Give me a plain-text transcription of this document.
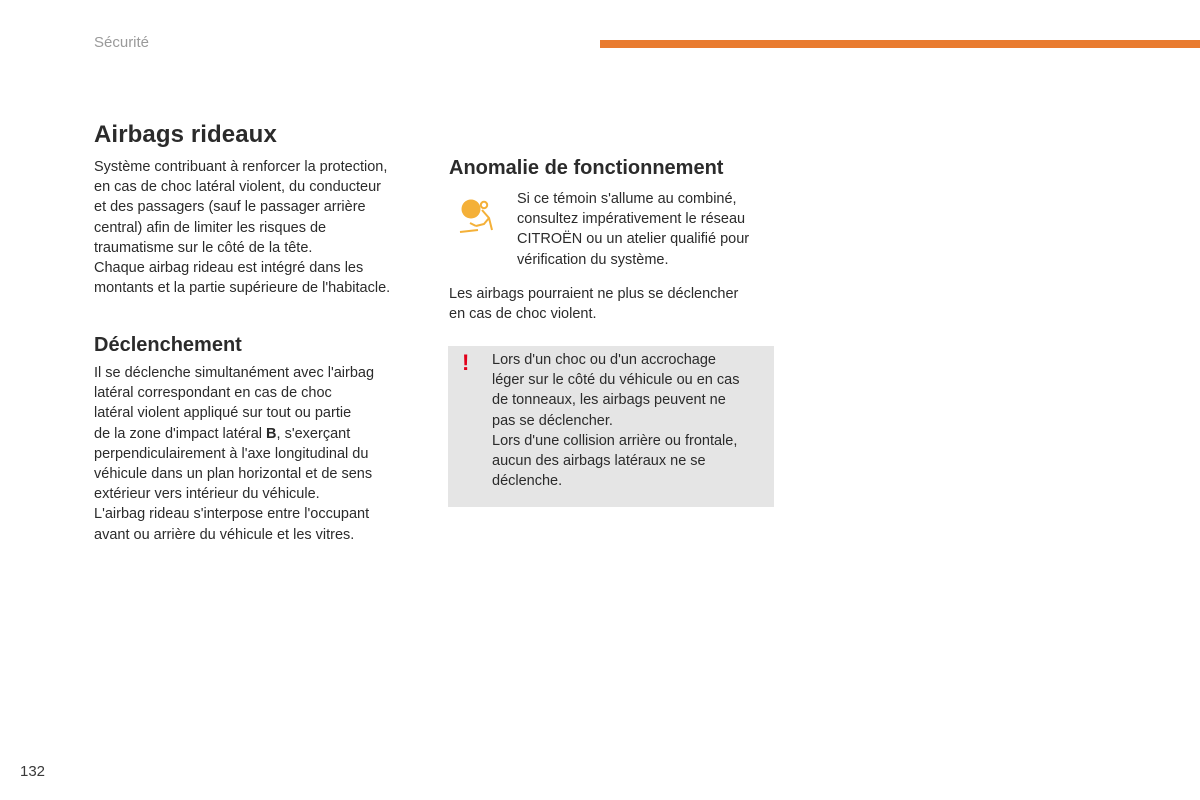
Sécurité
Airbags rideaux
Système contribuant à renforcer la protection,
en cas de choc latéral violent, du conducteur
et des passagers (sauf le passager arrière
central) afin de limiter les risques de
traumatisme sur le côté de la tête.
Chaque airbag rideau est intégré dans les
montants et la partie supérieure de l'habitacle.
Déclenchement
Il se déclenche simultanément avec l'airbag
latéral correspondant en cas de choc
latéral violent appliqué sur tout ou partie
de la zone d'impact latéral B, s'exerçant
perpendiculairement à l'axe longitudinal du
véhicule dans un plan horizontal et de sens
extérieur vers intérieur du véhicule.
L'airbag rideau s'interpose entre l'occupant
avant ou arrière du véhicule et les vitres.
Anomalie de fonctionnement
Si ce témoin s'allume au combiné,
consultez impérativement le réseau
CITROËN ou un atelier qualifié pour
vérification du système.
Les airbags pourraient ne plus se déclencher
en cas de choc violent.
! Lors d'un choc ou d'un accrochage
léger sur le côté du véhicule ou en cas
de tonneaux, les airbags peuvent ne
pas se déclencher.
Lors d'une collision arrière ou frontale,
aucun des airbags latéraux ne se
déclenche.
132
